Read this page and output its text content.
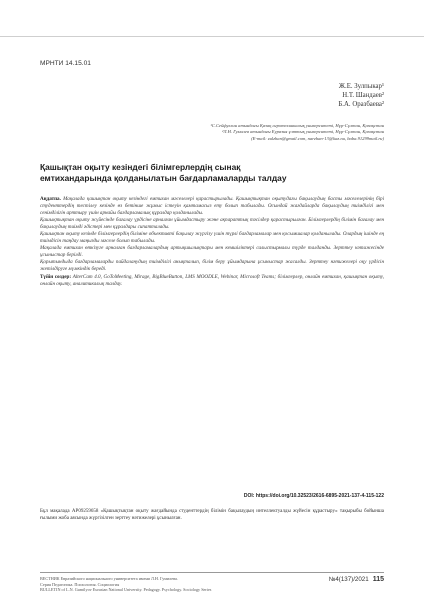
МРНТИ 14.15.01
Ж.Е. Зулпыкар¹
Н.Т. Шандаев²
Б.А. Оразбаева²
¹С.Сейфуллин атындағы Қазақ агротехникалық университеті, Нұр-Сұлтан, Қазақстан
²Л.Н. Гумилев атындағы Еуразия ұлттық университеті, Нұр-Сұлтан, Қазақстан
(E-mail: zulzhan@gmail.com, narzhan-13@kaz.nu, baba.91299mail.ru)
Қашықтан оқыту кезіндегі білімгерлердің сынақ
емтихандарында қолданылатын бағдарламаларды талдау

Аңдатпа. Мақалада қашықтан оқыту кезіндегі емтихан мәселелері қарастырылады. Қашықтықтан оқытудағы бақылаудың басты мәселелерінің бірі студенттердің тестілеу кезінде өз бетінше жұмыс істеуін қамтамасыз ету болып табылады. Осындай жағдайларда бақылаудың тиімділігі мен сенімділігін арттыру үшін арнайы бағдарламалық құралдар қолданылады.

Қашықтықтан оқыту жүйесінде бағалау үрдісіне арналған ұйымдастыру және ақпараттық тәсілдер қарастырылған. Білімгерлердің білімін бағалау мен бақылаудың тиімді әдістері мен құралдары сипатталады.

Қашықтан оқыту кезінде білімгерлердің біліміне объективті бақылау жүргізу үшін түрлі бағдарламалар мен қосымшалар қолданылады. Олардың ішінде ең тиімдісін таңдау маңызды мәселе болып табылады.

Мақалада емтихан өткізуге арналған бағдарламалардың артықшылықтары мен кемшіліктері салыстырмалы түрде талданды. Зерттеу нәтижесінде ұсыныстар берілді.

Қорытындыда бағдарламаларды пайдаланудың тиімділігі анықталып, білім беру ұйымдарына ұсыныстар жасалды. Зерттеу нәтижелері оқу үрдісін жетілдіруге мүмкіндік береді.

Түйін сөздер: AlterCam 4.0, GoToMeeting, Mirage, BigBlueButton, LMS MOODLE, Webinar, Microsoft Teams; білімгерлер, онлайн емтихан, қашықтан оқыту, онлайн оқыту, аналитикалық талдау.

DOI: https://doi.org/10.32523/2616-6895-2021-137-4-115-122
Бұл мақалада AP09259658 «Қашықтықтан оқыту жағдайында студенттердің білімін бақылаудың интеллектуалды жүйесін құрастыру» тақырыбы бойынша ғылыми жоба аясында жүргізілген зерттеу нәтижелері ұсынылған.
ВЕСТНИК Евразийского национального университета имени Л.Н. Гумилева.
Серия Педагогика. Психология. Социология
BULLETIN of L.N. Gumilyov Eurasian National University. Pedagogy. Psychology. Sociology Series
№4(137)/2021 115
